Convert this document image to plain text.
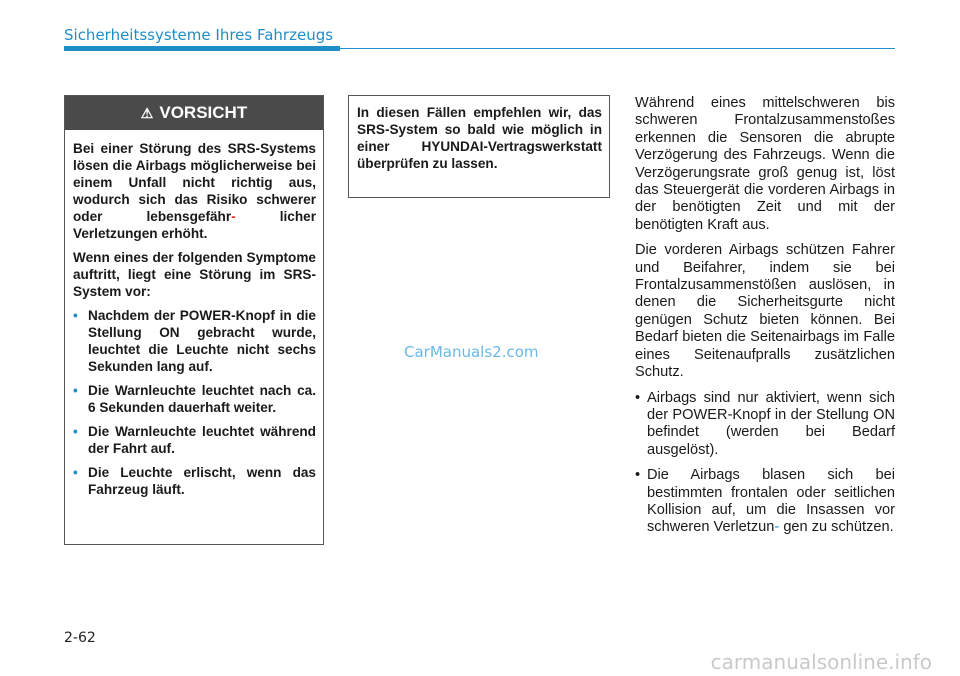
Sicherheitssysteme Ihres Fahrzeugs
⚠ VORSICHT

Bei einer Störung des SRS-Systems lösen die Airbags möglicherweise bei einem Unfall nicht richtig aus, wodurch sich das Risiko schwerer oder lebensgefähr-	licher Verletzungen erhöht.

Wenn eines der folgenden Symptome auftritt, liegt eine Störung im SRS-System vor:

• Nachdem der POWER-Knopf in die Stellung ON gebracht wurde, leuchtet die Leuchte nicht sechs Sekunden lang auf.
• Die Warnleuchte leuchtet nach ca. 6 Sekunden dauerhaft weiter.
• Die Warnleuchte leuchtet während der Fahrt auf.
• Die Leuchte erlischt, wenn das Fahrzeug läuft.
In diesen Fällen empfehlen wir, das SRS-System so bald wie möglich in einer HYUNDAI-Vertragswerkstatt überprüfen zu lassen.

Während eines mittelschweren bis schweren Frontalzusammenstoßes erkennen die Sensoren die abrupte Verzögerung des Fahrzeugs. Wenn die Verzögerungsrate groß genug ist, löst das Steuergerät die vorderen Airbags in der benötigten Zeit und mit der benötigten Kraft aus.

Die vorderen Airbags schützen Fahrer und Beifahrer, indem sie bei Frontalzusammenstößen auslösen, in denen die Sicherheitsgurte nicht genügen Schutz bieten können. Bei Bedarf bieten die Seitenairbags im Falle eines Seitenaufpralls zusätzlichen Schutz.

• Airbags sind nur aktiviert, wenn sich der POWER-Knopf in der Stellung ON befindet (werden bei Bedarf ausgelöst).
• Die Airbags blasen sich bei bestimmten frontalen oder seitlichen Kollision auf, um die Insassen vor schweren Verletzun- gen zu schützen.
CarManuals2.com
2-62
carmanualsonline.info
